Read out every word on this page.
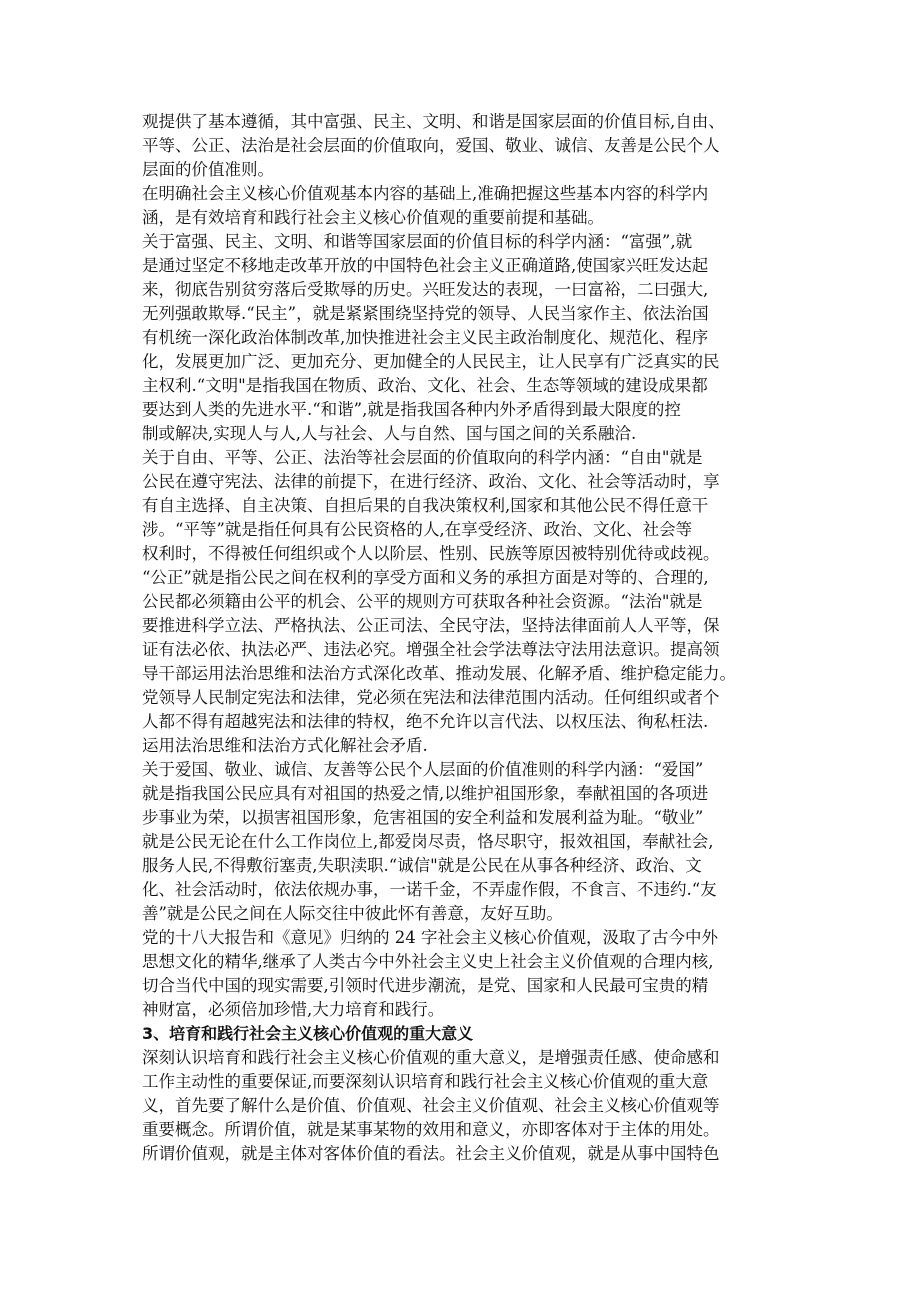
观提供了基本遵循，其中富强、民主、文明、和谐是国家层面的价值目标,自由、

平等、公正、法治是社会层面的价值取向，爱国、敬业、诚信、友善是公民个人

层面的价值准则。

在明确社会主义核心价值观基本内容的基础上,准确把握这些基本内容的科学内

涵，是有效培育和践行社会主义核心价值观的重要前提和基础。

关于富强、民主、文明、和谐等国家层面的价值目标的科学内涵：“富强”,就

是通过坚定不移地走改革开放的中国特色社会主义正确道路,使国家兴旺发达起

来，彻底告别贫穷落后受欺辱的历史。兴旺发达的表现，一曰富裕，二曰强大,

无列强敢欺辱.“民主”，就是紧紧围绕坚持党的领导、人民当家作主、依法治国

有机统一深化政治体制改革,加快推进社会主义民主政治制度化、规范化、程序

化，发展更加广泛、更加充分、更加健全的人民民主，让人民享有广泛真实的民

主权利.“文明"是指我国在物质、政治、文化、社会、生态等领域的建设成果都

要达到人类的先进水平.“和谐”,就是指我国各种内外矛盾得到最大限度的控

制或解决,实现人与人,人与社会、人与自然、国与国之间的关系融洽.

关于自由、平等、公正、法治等社会层面的价值取向的科学内涵：“自由"就是

公民在遵守宪法、法律的前提下，在进行经济、政治、文化、社会等活动时，享

有自主选择、自主决策、自担后果的自我决策权利,国家和其他公民不得任意干

涉。“平等”就是指任何具有公民资格的人,在享受经济、政治、文化、社会等

权利时，不得被任何组织或个人以阶层、性别、民族等原因被特别优待或歧视。

“公正”就是指公民之间在权利的享受方面和义务的承担方面是对等的、合理的,

公民都必须籍由公平的机会、公平的规则方可获取各种社会资源。“法治"就是

要推进科学立法、严格执法、公正司法、全民守法，坚持法律面前人人平等，保

证有法必依、执法必严、违法必究。增强全社会学法尊法守法用法意识。提高领

导干部运用法治思维和法治方式深化改革、推动发展、化解矛盾、维护稳定能力。

党领导人民制定宪法和法律，党必须在宪法和法律范围内活动。任何组织或者个

人都不得有超越宪法和法律的特权，绝不允许以言代法、以权压法、徇私枉法.

运用法治思维和法治方式化解社会矛盾.

关于爱国、敬业、诚信、友善等公民个人层面的价值准则的科学内涵：“爱国”

就是指我国公民应具有对祖国的热爱之情,以维护祖国形象，奉献祖国的各项进

步事业为荣，以损害祖国形象，危害祖国的安全利益和发展利益为耻。“敬业”

就是公民无论在什么工作岗位上,都爱岗尽责，恪尽职守，报效祖国，奉献社会,

服务人民,不得敷衍塞责,失职渎职.“诚信"就是公民在从事各种经济、政治、文

化、社会活动时，依法依规办事，一诺千金，不弄虚作假，不食言、不违约.“友

善”就是公民之间在人际交往中彼此怀有善意，友好互助。

党的十八大报告和《意见》归纳的 24 字社会主义核心价值观，汲取了古今中外

思想文化的精华,继承了人类古今中外社会主义史上社会主义价值观的合理内核,

切合当代中国的现实需要,引领时代进步潮流，是党、国家和人民最可宝贵的精

神财富，必须倍加珍惜,大力培育和践行。

3、培育和践行社会主义核心价值观的重大意义

深刻认识培育和践行社会主义核心价值观的重大意义，是增强责任感、使命感和

工作主动性的重要保证,而要深刻认识培育和践行社会主义核心价值观的重大意

义，首先要了解什么是价值、价值观、社会主义价值观、社会主义核心价值观等

重要概念。所谓价值，就是某事某物的效用和意义，亦即客体对于主体的用处。

所谓价值观，就是主体对客体价值的看法。社会主义价值观，就是从事中国特色
